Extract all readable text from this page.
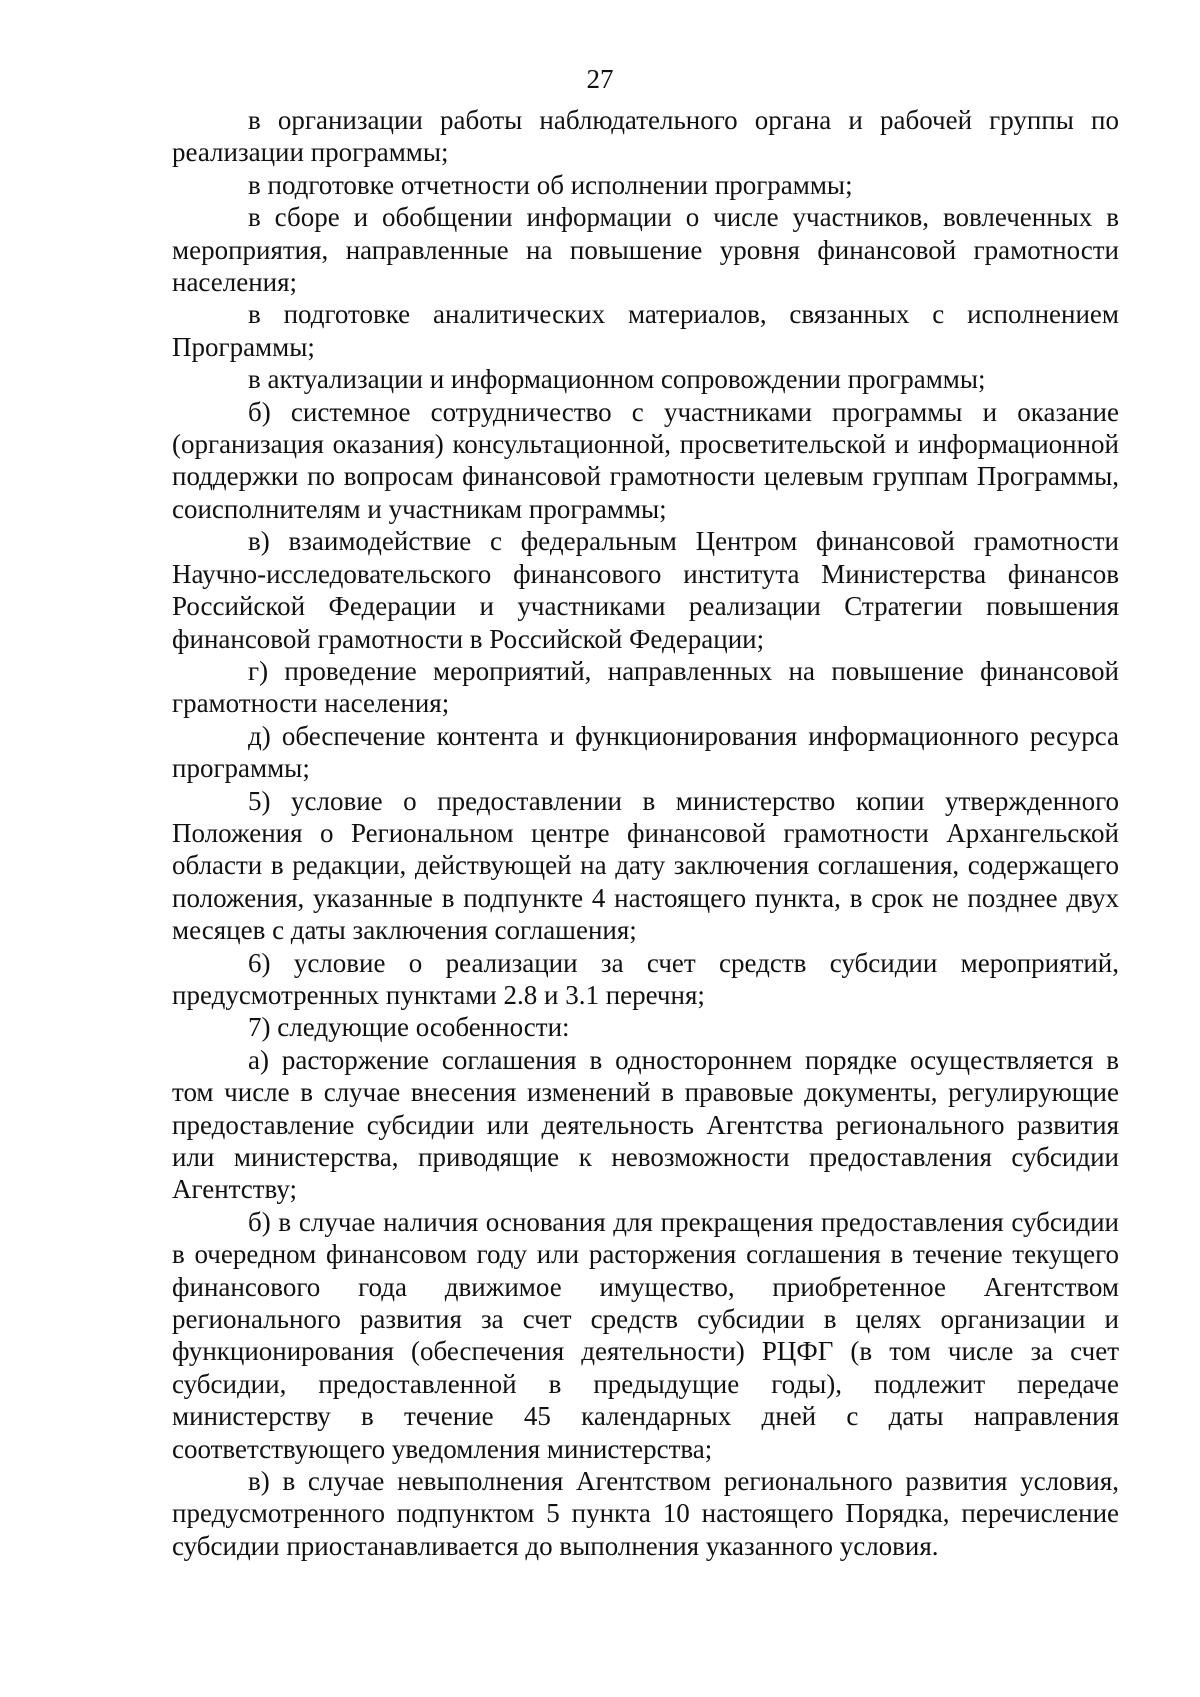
27

в организации работы наблюдательного органа и рабочей группы по реализации программы;

в подготовке отчетности об исполнении программы;

в сборе и обобщении информации о числе участников, вовлеченных в мероприятия, направленные на повышение уровня финансовой грамотности населения;

в подготовке аналитических материалов, связанных с исполнением Программы;

в актуализации и информационном сопровождении программы;

б) системное сотрудничество с участниками программы и оказание (организация оказания) консультационной, просветительской и информационной поддержки по вопросам финансовой грамотности целевым группам Программы, соисполнителям и участникам программы;

в) взаимодействие с федеральным Центром финансовой грамотности Научно-исследовательского финансового института Министерства финансов Российской Федерации и участниками реализации Стратегии повышения финансовой грамотности в Российской Федерации;

г) проведение мероприятий, направленных на повышение финансовой грамотности населения;

д) обеспечение контента и функционирования информационного ресурса программы;

5) условие о предоставлении в министерство копии утвержденного Положения о Региональном центре финансовой грамотности Архангельской области в редакции, действующей на дату заключения соглашения, содержащего положения, указанные в подпункте 4 настоящего пункта, в срок не позднее двух месяцев с даты заключения соглашения;

6) условие о реализации за счет средств субсидии мероприятий, предусмотренных пунктами 2.8 и 3.1 перечня;

7) следующие особенности:

а) расторжение соглашения в одностороннем порядке осуществляется в том числе в случае внесения изменений в правовые документы, регулирующие предоставление субсидии или деятельность Агентства регионального развития или министерства, приводящие к невозможности предоставления субсидии Агентству;

б) в случае наличия основания для прекращения предоставления субсидии в очередном финансовом году или расторжения соглашения в течение текущего финансового года движимое имущество, приобретенное Агентством регионального развития за счет средств субсидии в целях организации и функционирования (обеспечения деятельности) РЦФГ (в том числе за счет субсидии, предоставленной в предыдущие годы), подлежит передаче министерству в течение 45 календарных дней с даты направления соответствующего уведомления министерства;

в) в случае невыполнения Агентством регионального развития условия, предусмотренного подпунктом 5 пункта 10 настоящего Порядка, перечисление субсидии приостанавливается до выполнения указанного условия.
